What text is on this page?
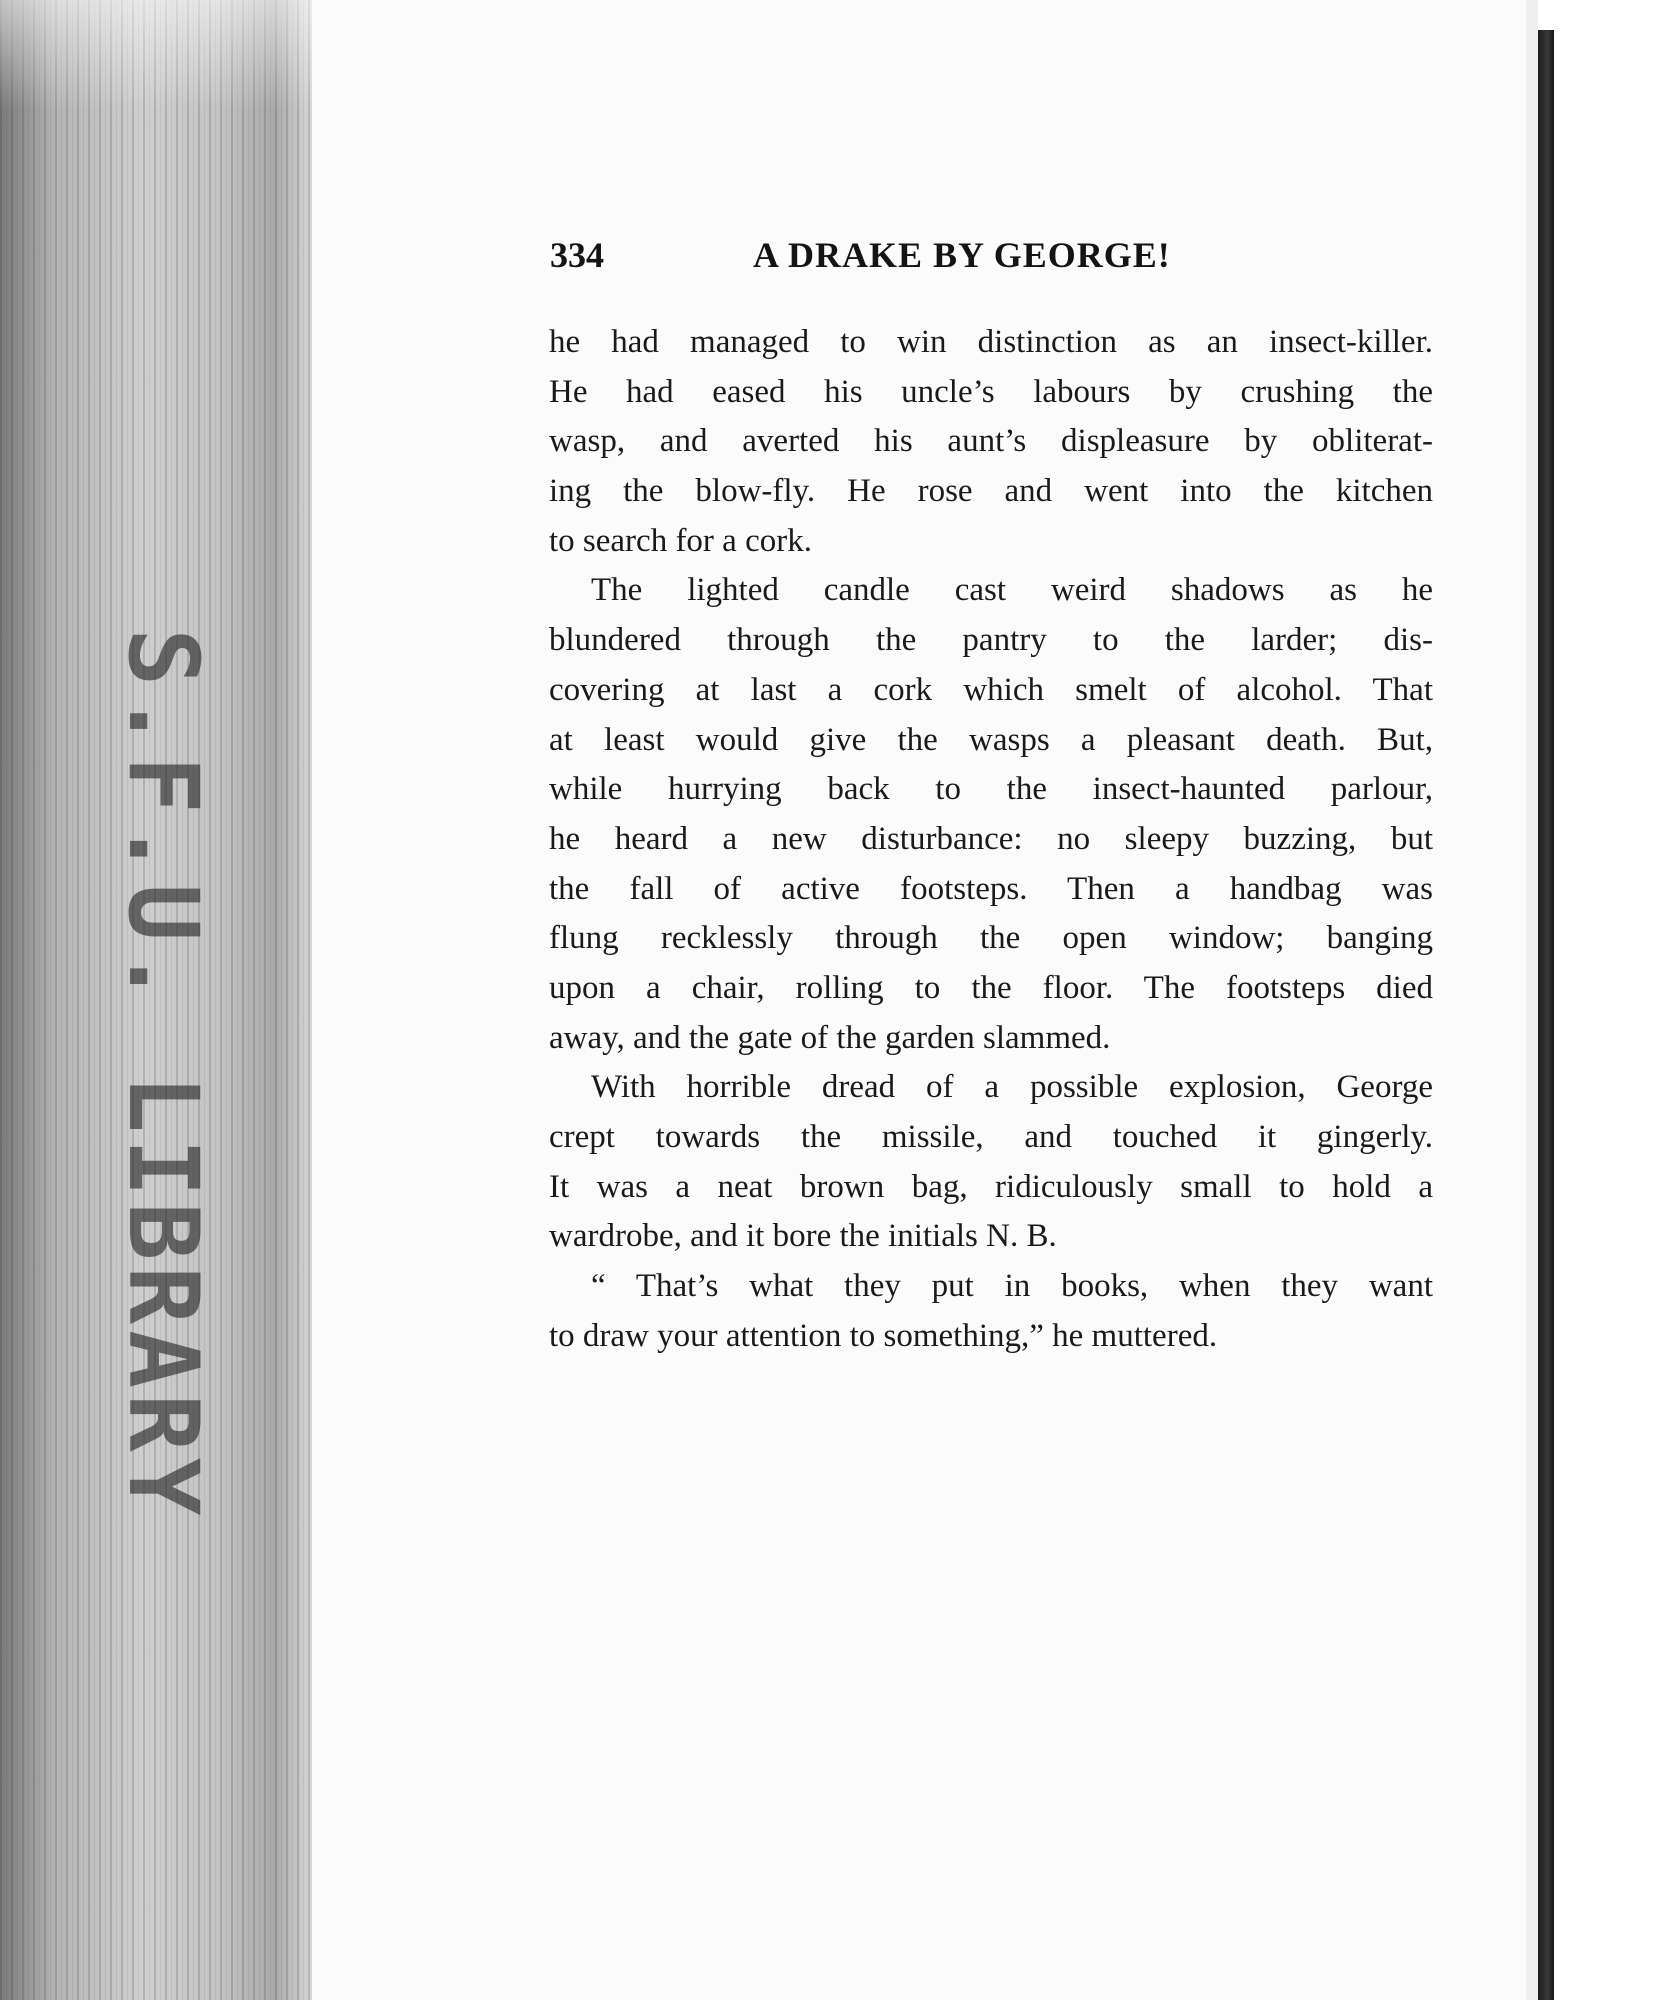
S.F.U. LIBRARY
334	A DRAKE BY GEORGE!
he had managed to win distinction as an insect-killer.
He had eased his uncle’s labours by crushing the
wasp, and averted his aunt’s displeasure by obliterat-
ing the blow-fly. He rose and went into the kitchen
to search for a cork.
The lighted candle cast weird shadows as he
blundered through the pantry to the larder; dis-
covering at last a cork which smelt of alcohol. That
at least would give the wasps a pleasant death. But,
while hurrying back to the insect-haunted parlour,
he heard a new disturbance: no sleepy buzzing, but
the fall of active footsteps. Then a handbag was
flung recklessly through the open window; banging
upon a chair, rolling to the floor. The footsteps died
away, and the gate of the garden slammed.
With horrible dread of a possible explosion, George
crept towards the missile, and touched it gingerly.
It was a neat brown bag, ridiculously small to hold a
wardrobe, and it bore the initials N. B.
“ That’s what they put in books, when they want
to draw your attention to something,” he muttered.
